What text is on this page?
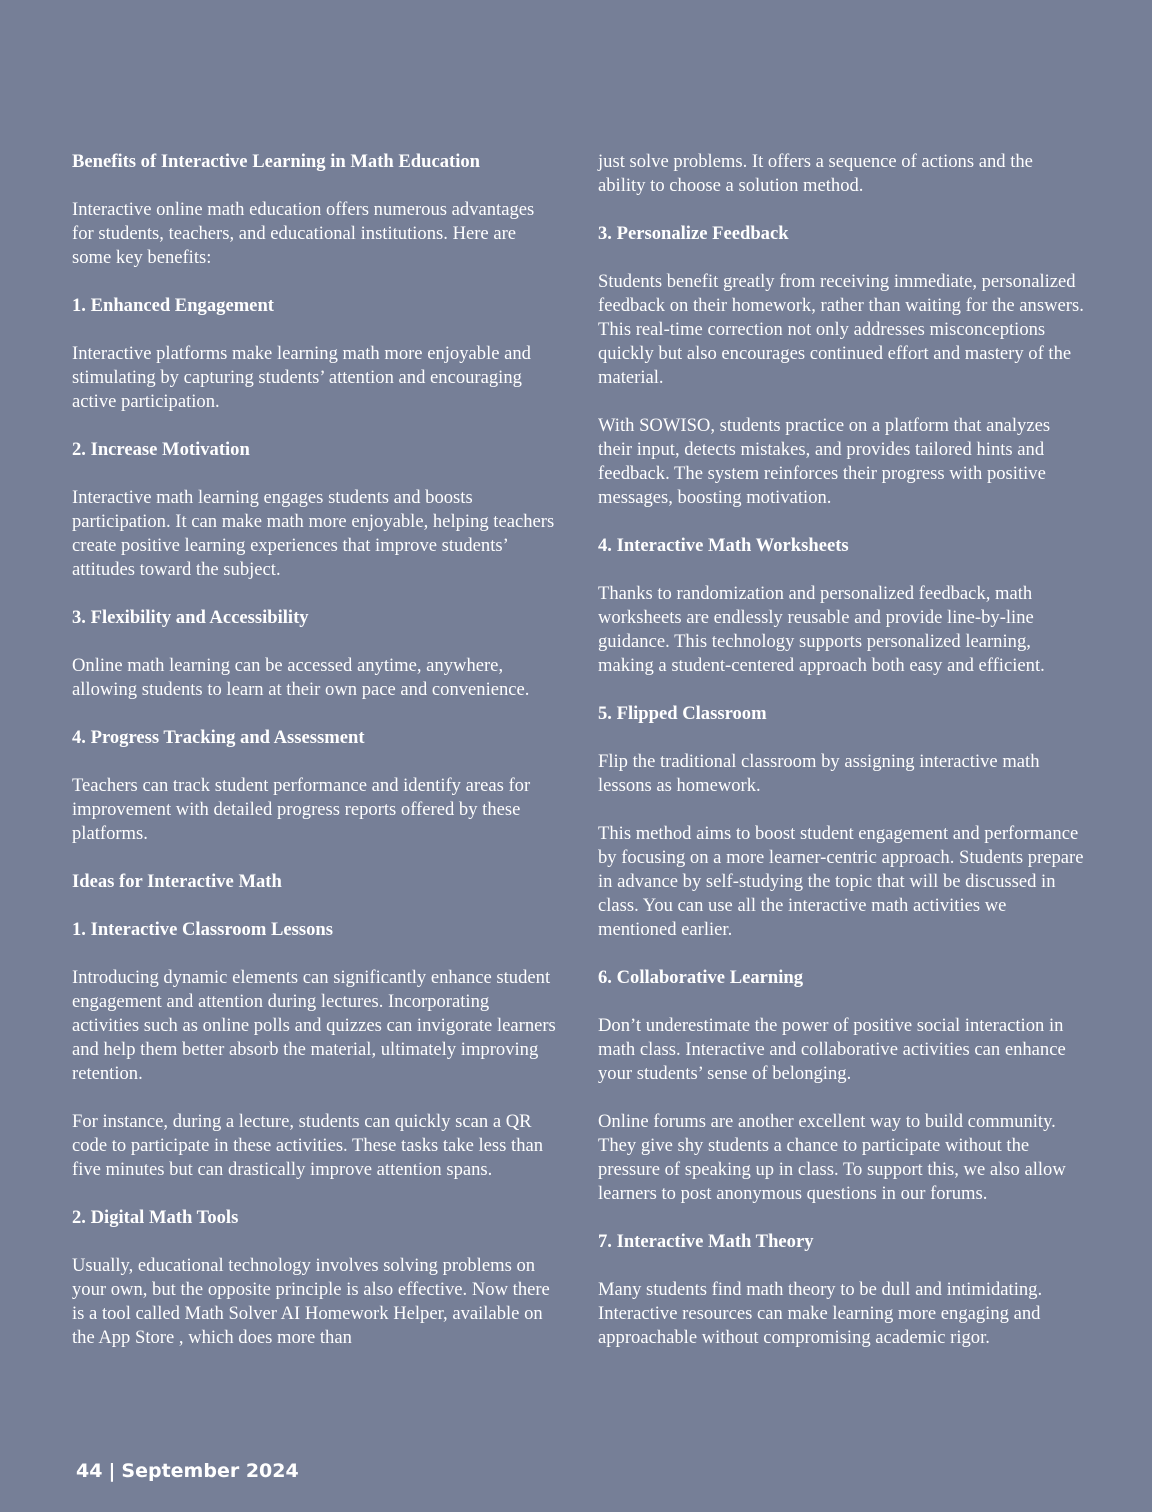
Benefits of Interactive Learning in Math Education

Interactive online math education offers numerous advantages for students, teachers, and educational institutions. Here are some key benefits:

1. Enhanced Engagement

Interactive platforms make learning math more enjoyable and stimulating by capturing students’ attention and encouraging active participation.

2. Increase Motivation

Interactive math learning engages students and boosts participation. It can make math more enjoyable, helping teachers create positive learning experiences that improve students’ attitudes toward the subject.

3. Flexibility and Accessibility

Online math learning can be accessed anytime, anywhere, allowing students to learn at their own pace and convenience.

4. Progress Tracking and Assessment

Teachers can track student performance and identify areas for improvement with detailed progress reports offered by these platforms.

Ideas for Interactive Math

1. Interactive Classroom Lessons

Introducing dynamic elements can significantly enhance student engagement and attention during lectures. Incorporating activities such as online polls and quizzes can invigorate learners and help them better absorb the material, ultimately improving retention.

For instance, during a lecture, students can quickly scan a QR code to participate in these activities. These tasks take less than five minutes but can drastically improve attention spans.

2. Digital Math Tools

Usually, educational technology involves solving problems on your own, but the opposite principle is also effective. Now there is a tool called Math Solver AI Homework Helper, available on the App Store , which does more than

just solve problems. It offers a sequence of actions and the ability to choose a solution method.

3. Personalize Feedback

Students benefit greatly from receiving immediate, personalized feedback on their homework, rather than waiting for the answers. This real-time correction not only addresses misconceptions quickly but also encourages continued effort and mastery of the material.

With SOWISO, students practice on a platform that analyzes their input, detects mistakes, and provides tailored hints and feedback. The system reinforces their progress with positive messages, boosting motivation.

4. Interactive Math Worksheets

Thanks to randomization and personalized feedback, math worksheets are endlessly reusable and provide line-by-line guidance. This technology supports personalized learning, making a student-centered approach both easy and efficient.

5. Flipped Classroom

Flip the traditional classroom by assigning interactive math lessons as homework.

This method aims to boost student engagement and performance by focusing on a more learner-centric approach. Students prepare in advance by self-studying the topic that will be discussed in class. You can use all the interactive math activities we mentioned earlier.

6. Collaborative Learning

Don’t underestimate the power of positive social interaction in math class. Interactive and collaborative activities can enhance your students’ sense of belonging.

Online forums are another excellent way to build community. They give shy students a chance to participate without the pressure of speaking up in class. To support this, we also allow learners to post anonymous questions in our forums.

7. Interactive Math Theory

Many students find math theory to be dull and intimidating. Interactive resources can make learning more engaging and approachable without compromising academic rigor.

44 | September 2024
